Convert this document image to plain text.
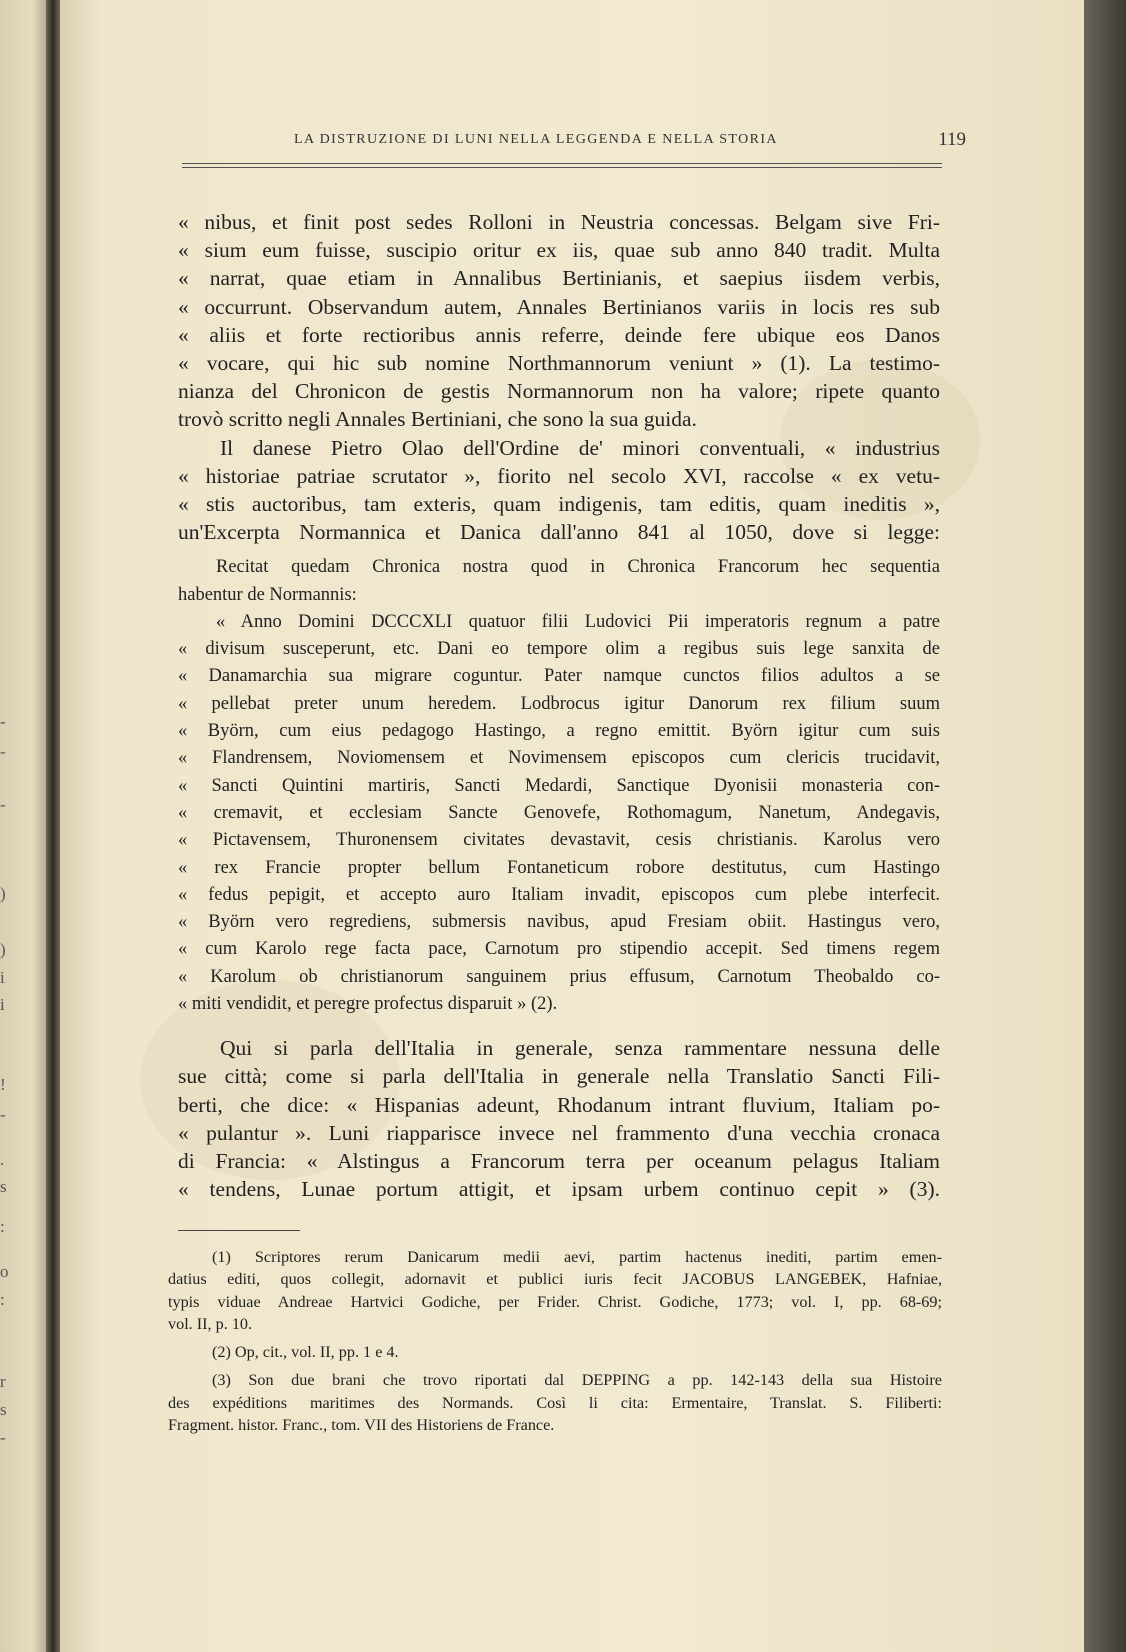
-
-
-
)
)
i
i
!
-
.
s
:
o
:
r
s
-
LA DISTRUZIONE DI LUNI NELLA LEGGENDA E NELLA STORIA	119
« nibus, et finit post sedes Rolloni in Neustria concessas. Belgam sive Fri-
« sium eum fuisse, suscipio oritur ex iis, quae sub anno 840 tradit. Multa
« narrat, quae etiam in Annalibus Bertinianis, et saepius iisdem verbis,
« occurrunt. Observandum autem, Annales Bertinianos variis in locis res sub
« aliis et forte rectioribus annis referre, deinde fere ubique eos Danos
« vocare, qui hic sub nomine Northmannorum veniunt » (1). La testimo-
nianza del Chronicon de gestis Normannorum non ha valore; ripete quanto
trovò scritto negli Annales Bertiniani, che sono la sua guida.
Il danese Pietro Olao dell'Ordine de' minori conventuali, « industrius
« historiae patriae scrutator », fiorito nel secolo XVI, raccolse « ex vetu-
« stis auctoribus, tam exteris, quam indigenis, tam editis, quam ineditis »,
un'Excerpta Normannica et Danica dall'anno 841 al 1050, dove si legge:
Recitat quedam Chronica nostra quod in Chronica Francorum hec sequentia
habentur de Normannis:
« Anno Domini DCCCXLI quatuor filii Ludovici Pii imperatoris regnum a patre
« divisum susceperunt, etc. Dani eo tempore olim a regibus suis lege sanxita de
« Danamarchia sua migrare coguntur. Pater namque cunctos filios adultos a se
« pellebat preter unum heredem. Lodbrocus igitur Danorum rex filium suum
« Byörn, cum eius pedagogo Hastingo, a regno emittit. Byörn igitur cum suis
« Flandrensem, Noviomensem et Novimensem episcopos cum clericis trucidavit,
« Sancti Quintini martiris, Sancti Medardi, Sanctique Dyonisii monasteria con-
« cremavit, et ecclesiam Sancte Genovefe, Rothomagum, Nanetum, Andegavis,
« Pictavensem, Thuronensem civitates devastavit, cesis christianis. Karolus vero
« rex Francie propter bellum Fontaneticum robore destitutus, cum Hastingo
« fedus pepigit, et accepto auro Italiam invadit, episcopos cum plebe interfecit.
« Byörn vero regrediens, submersis navibus, apud Fresiam obiit. Hastingus vero,
« cum Karolo rege facta pace, Carnotum pro stipendio accepit. Sed timens regem
« Karolum ob christianorum sanguinem prius effusum, Carnotum Theobaldo co-
« miti vendidit, et peregre profectus disparuit » (2).
Qui si parla dell'Italia in generale, senza rammentare nessuna delle
sue città; come si parla dell'Italia in generale nella Translatio Sancti Fili-
berti, che dice: « Hispanias adeunt, Rhodanum intrant fluvium, Italiam po-
« pulantur ». Luni riapparisce invece nel frammento d'una vecchia cronaca
di Francia: « Alstingus a Francorum terra per oceanum pelagus Italiam
« tendens, Lunae portum attigit, et ipsam urbem continuo cepit » (3).
(1) Scriptores rerum Danicarum medii aevi, partim hactenus inediti, partim emen-
datius editi, quos collegit, adornavit et publici iuris fecit JACOBUS LANGEBEK, Hafniae,
typis viduae Andreae Hartvici Godiche, per Frider. Christ. Godiche, 1773; vol. I, pp. 68-69;
vol. II, p. 10.
(2) Op, cit., vol. II, pp. 1 e 4.
(3) Son due brani che trovo riportati dal DEPPING a pp. 142-143 della sua Histoire
des expéditions maritimes des Normands. Così li cita: Ermentaire, Translat. S. Filiberti:
Fragment. histor. Franc., tom. VII des Historiens de France.
